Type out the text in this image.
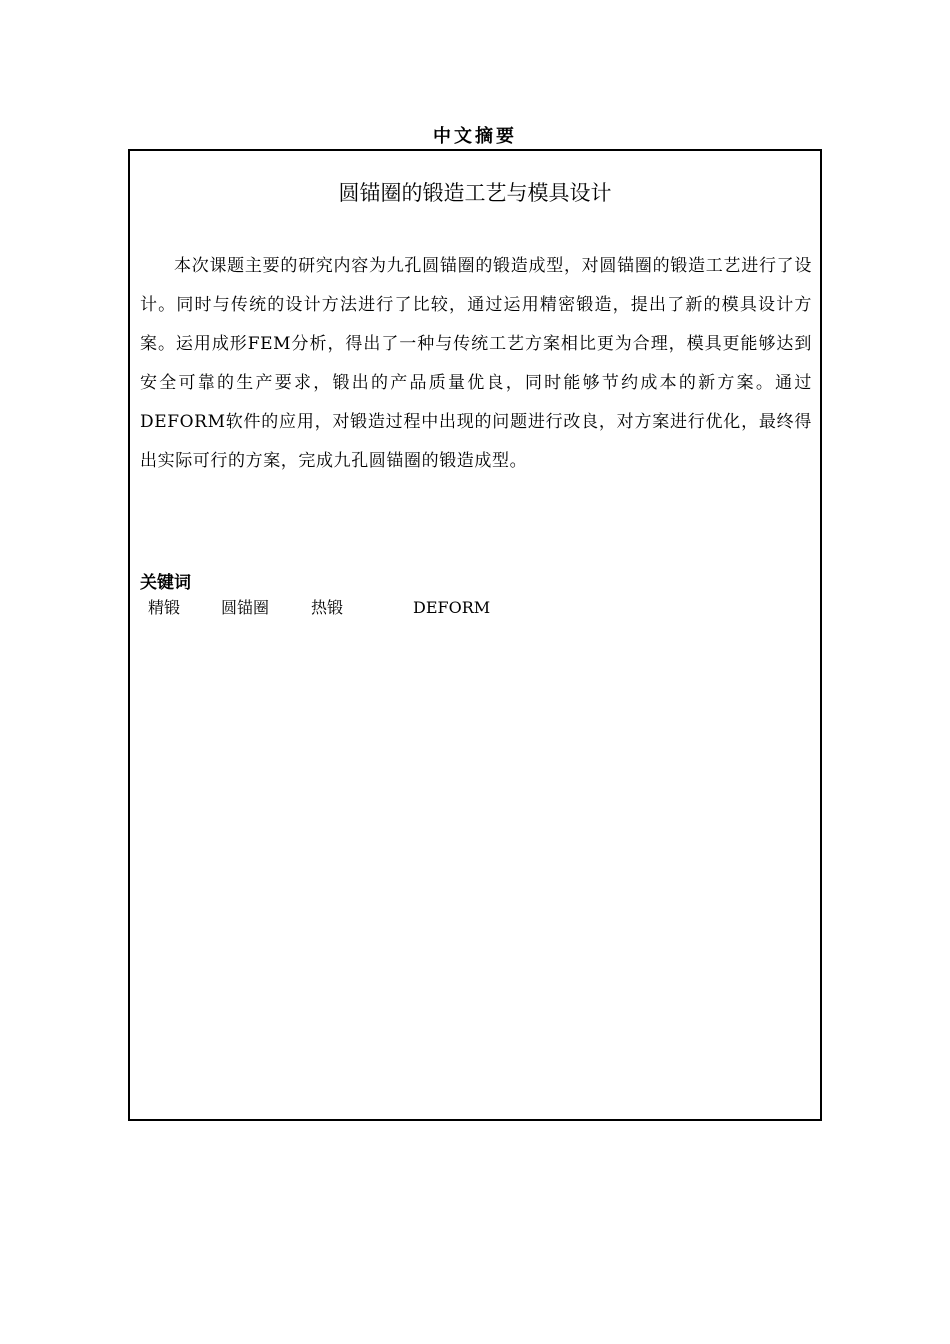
中文摘要
圆锚圈的锻造工艺与模具设计

本次课题主要的研究内容为九孔圆锚圈的锻造成型，对圆锚圈的锻造工艺进行了设计。同时与传统的设计方法进行了比较，通过运用精密锻造，提出了新的模具设计方案。运用成形FEM分析，得出了一种与传统工艺方案相比更为合理，模具更能够达到安全可靠的生产要求，锻出的产品质量优良，同时能够节约成本的新方案。通过DEFORM软件的应用，对锻造过程中出现的问题进行改良，对方案进行优化，最终得出实际可行的方案，完成九孔圆锚圈的锻造成型。

关键词
精锻	圆锚圈	热锻	DEFORM
